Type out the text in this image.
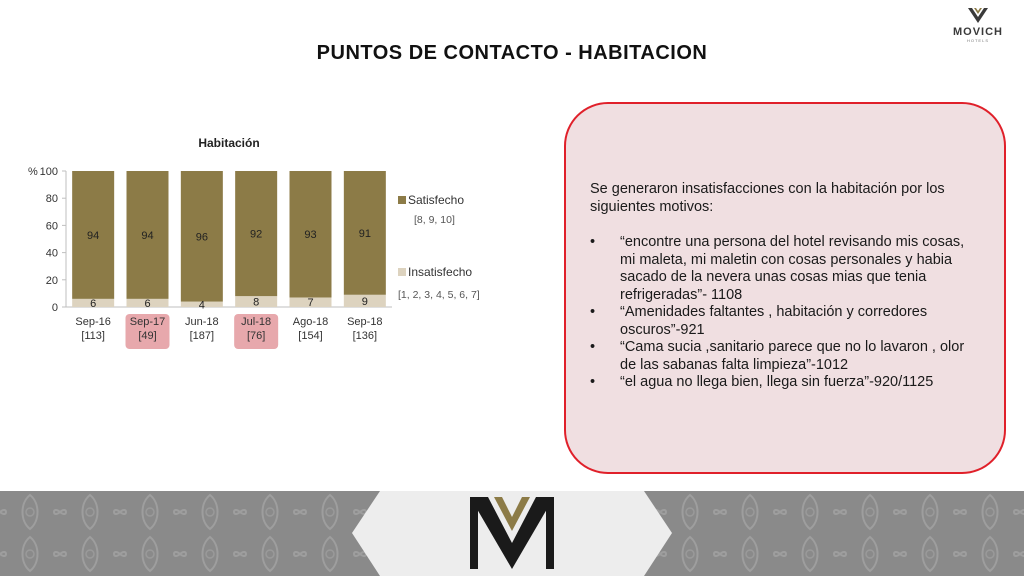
MOVICH
HOTELS
PUNTOS DE CONTACTO - HABITACION
Habitación
0
20
40
60
80
100
%
94
6
Sep-16
[113]
94
6
Sep-17
[49]
96
4
Jun-18
[187]
92
8
Jul-18
[76]
93
7
Ago-18
[154]
91
9
Sep-18
[136]
Satisfecho
[8, 9, 10]
Insatisfecho
[1, 2, 3, 4, 5, 6, 7]

Se generaron insatisfacciones con la habitación por los siguientes motivos:

• “encontre una persona del hotel revisando mis cosas, mi maleta, mi maletin con cosas personales y habia sacado de la nevera unas cosas mias que tenia refrigeradas”- 1108
• “Amenidades faltantes , habitación y corredores oscuros”-921
• “Cama sucia ,sanitario parece que no lo lavaron , olor de las sabanas falta limpieza”-1012
• “el agua no llega bien, llega sin fuerza”-920/1125
